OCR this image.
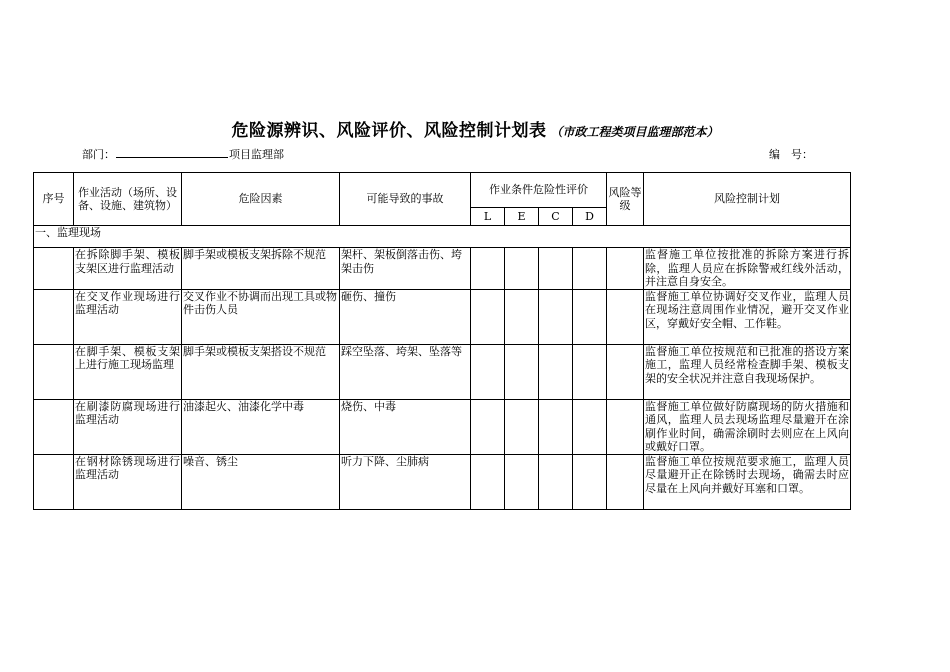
危险源辨识、风险评价、风险控制计划表 （市政工程类项目监理部范本）
部门：	项目监理部	编　号：
序号	作业活动（场所、设备、设施、建筑物）	危险因素	可能导致的事故	作业条件危险性评价				风险等级	风险控制计划
				L	E	C	D		
一、监理现场									
	在拆除脚手架、模板支架区进行监理活动	脚手架或模板支架拆除不规范	架杆、架板倒落击伤、垮架击伤						监督施工单位按批准的拆除方案进行拆除，监理人员应在拆除警戒红线外活动，并注意自身安全。
	在交叉作业现场进行监理活动	交叉作业不协调而出现工具或物件击伤人员	砸伤、撞伤						监督施工单位协调好交叉作业，监理人员在现场注意周围作业情况，避开交叉作业区，穿戴好安全帽、工作鞋。
	在脚手架、模板支架上进行施工现场监理	脚手架或模板支架搭设不规范	踩空坠落、垮架、坠落等						监督施工单位按规范和已批准的搭设方案施工，监理人员经常检查脚手架、模板支架的安全状况并注意自我现场保护。
	在刷漆防腐现场进行监理活动	油漆起火、油漆化学中毒	烧伤、中毒						监督施工单位做好防腐现场的防火措施和通风，监理人员去现场监理尽量避开在涂刷作业时间，确需涂刷时去则应在上风向或戴好口罩。
	在钢材除锈现场进行监理活动	噪音、锈尘	听力下降、尘肺病						监督施工单位按规范要求施工，监理人员尽量避开正在除锈时去现场，确需去时应尽量在上风向并戴好耳塞和口罩。
